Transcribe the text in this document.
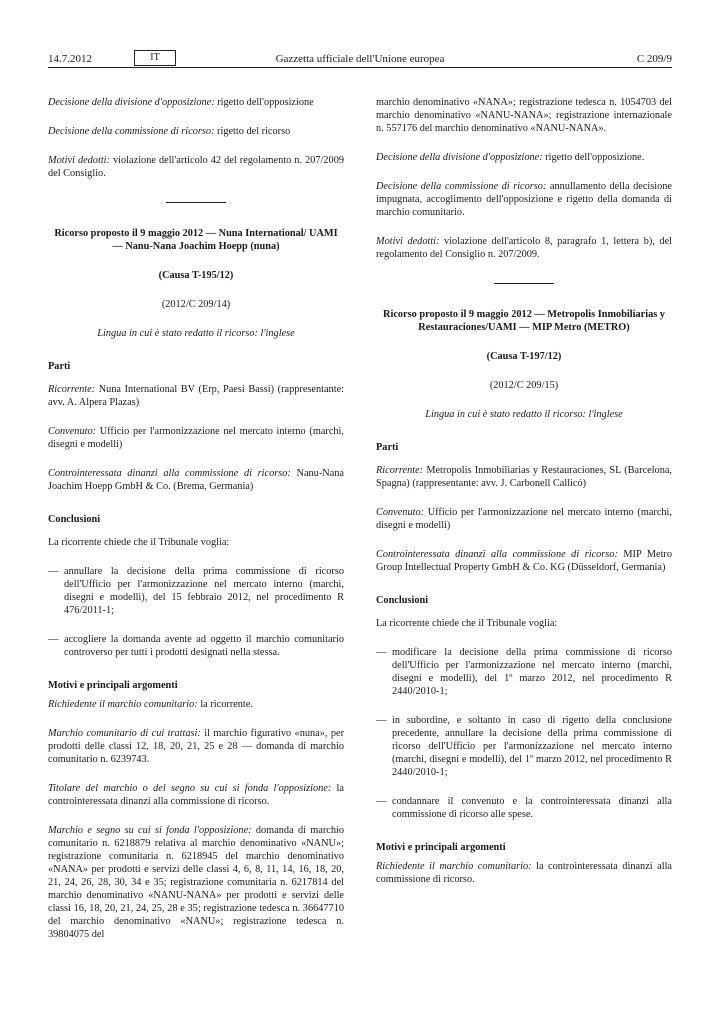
14.7.2012	IT	Gazzetta ufficiale dell'Unione europea	C 209/9

Decisione della divisione d'opposizione: rigetto dell'opposizione

Decisione della commissione di ricorso: rigetto del ricorso

Motivi dedotti: violazione dell'articolo 42 del regolamento n. 207/2009 del Consiglio.

Ricorso proposto il 9 maggio 2012 — Nuna International/ UAMI — Nanu-Nana Joachim Hoepp (nuna)

(Causa T-195/12)

(2012/C 209/14)

Lingua in cui è stato redatto il ricorso: l'inglese

Parti

Ricorrente: Nuna International BV (Erp, Paesi Bassi) (rappresentante: avv. A. Alpera Plazas)

Convenuto: Ufficio per l'armonizzazione nel mercato interno (marchi, disegni e modelli)

Controinteressata dinanzi alla commissione di ricorso: Nanu-Nana Joachim Hoepp GmbH & Co. (Brema, Germania)

Conclusioni

La ricorrente chiede che il Tribunale voglia:

— annullare la decisione della prima commissione di ricorso dell'Ufficio per l'armonizzazione nel mercato interno (marchi, disegni e modelli), del 15 febbraio 2012, nel procedimento R 476/2011-1;
— accogliere la domanda avente ad oggetto il marchio comunitario controverso per tutti i prodotti designati nella stessa.
Motivi e principali argomenti

Richiedente il marchio comunitario: la ricorrente.

Marchio comunitario di cui trattasi: il marchio figurativo «nuna», per prodotti delle classi 12, 18, 20, 21, 25 e 28 — domanda di marchio comunitario n. 6239743.

Titolare del marchio o del segno su cui si fonda l'opposizione: la controinteressata dinanzi alla commissione di ricorso.

Marchio e segno su cui si fonda l'opposizione: domanda di marchio comunitario n. 6218879 relativa al marchio denominativo «NANU»; registrazione comunitaria n. 6218945 del marchio denominativo «NANA» per prodotti e servizi delle classi 4, 6, 8, 11, 14, 16, 18, 20, 21, 24, 26, 28, 30, 34 e 35; registrazione comunitaria n. 6217814 del marchio denominativo «NANU-NANA» per prodotti e servizi delle classi 16, 18, 20, 21, 24, 25, 28 e 35; registrazione tedesca n. 36647710 del marchio denominativo «NANU»; registrazione tedesca n. 39804075 del

marchio denominativo «NANA»; registrazione tedesca n. 1054703 del marchio denominativo «NANU-NANA»; registrazione internazionale n. 557176 del marchio denominativo «NANU-NANA».

Decisione della divisione d'opposizione: rigetto dell'opposizione.

Decisione della commissione di ricorso: annullamento della decisione impugnata, accoglimento dell'opposizione e rigetto della domanda di marchio comunitario.

Motivi dedotti: violazione dell'articolo 8, paragrafo 1, lettera b), del regolamento del Consiglio n. 207/2009.

Ricorso proposto il 9 maggio 2012 — Metropolis Inmobiliarias y Restauraciones/UAMI — MIP Metro (METRO)

(Causa T-197/12)

(2012/C 209/15)

Lingua in cui è stato redatto il ricorso: l'inglese

Parti

Ricorrente: Metropolis Inmobiliarias y Restauraciones, SL (Barcelona, Spagna) (rappresentante: avv. J. Carbonell Callicó)

Convenuto: Ufficio per l'armonizzazione nel mercato interno (marchi, disegni e modelli)

Controinteressata dinanzi alla commissione di ricorso: MIP Metro Group Intellectual Property GmbH & Co. KG (Düsseldorf, Germania)

Conclusioni

La ricorrente chiede che il Tribunale voglia:

— modificare la decisione della prima commissione di ricorso dell'Ufficio per l'armonizzazione nel mercato interno (marchi, disegni e modelli), del 1º marzo 2012, nel procedimento R 2440/2010-1;
— in subordine, e soltanto in caso di rigetto della conclusione precedente, annullare la decisione della prima commissione di ricorso dell'Ufficio per l'armonizzazione nel mercato interno (marchi, disegni e modelli), del 1º marzo 2012, nel procedimento R 2440/2010-1;
— condannare il convenuto e la controinteressata dinanzi alla commissione di ricorso alle spese.
Motivi e principali argomenti

Richiedente il marchio comunitario: la controinteressata dinanzi alla commissione di ricorso.
